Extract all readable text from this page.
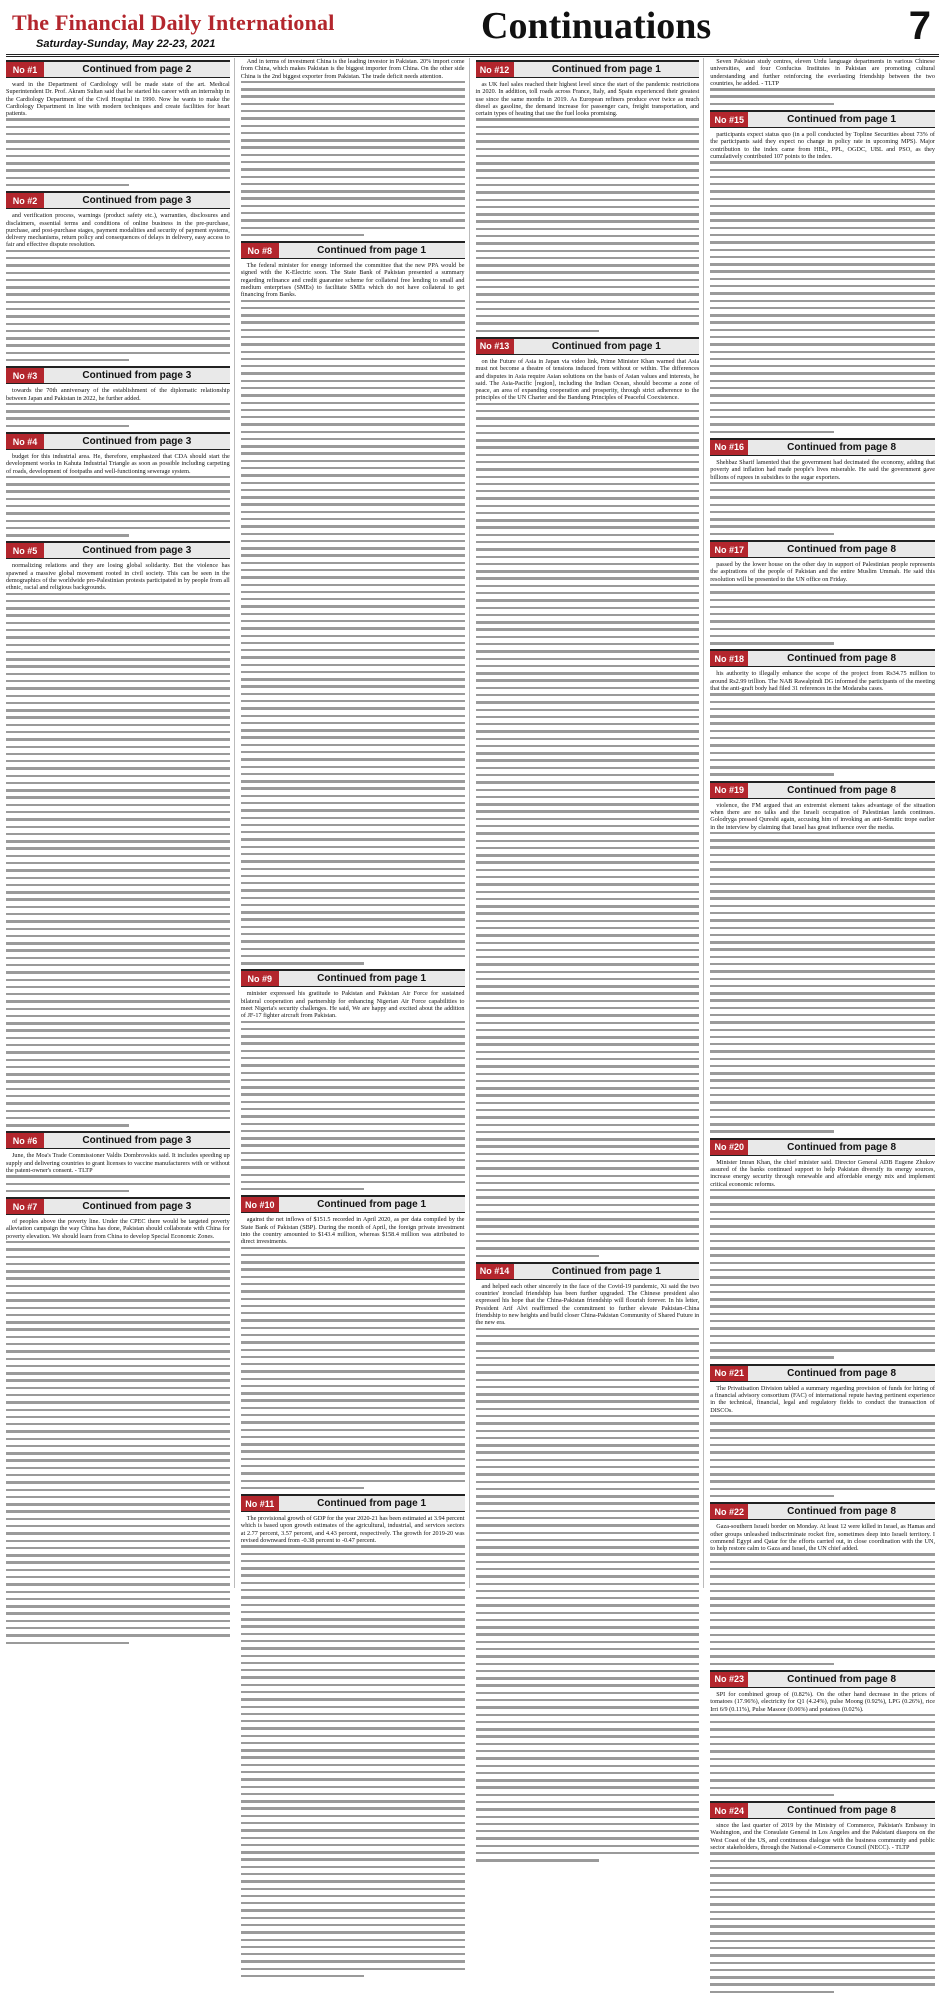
The Financial Daily International
Saturday-Sunday, May 22-23, 2021	Continuations	7
No #1	Continued from page 2

ward in the Department of Cardiology will be made state of the art. Medical Superintendent Dr. Prof. Akram Sultan said that he started his career with an internship in the Cardiology Department of the Civil Hospital in 1990. Now he wants to make the Cardiology Department in line with modern techniques and create facilities for heart patients.

No #2	Continued from page 3

and verification process, warnings (product safety etc.), warranties, disclosures and disclaimers, essential terms and conditions of online business in the pre-purchase, purchase, and post-purchase stages, payment modalities and security of payment systems, delivery mechanisms, return policy and consequences of delays in delivery, easy access to fair and effective dispute resolution.

No #3	Continued from page 3

towards the 70th anniversary of the establishment of the diplomatic relationship between Japan and Pakistan in 2022, he further added.

No #4	Continued from page 3

budget for this industrial area. He, therefore, emphasized that CDA should start the development works in Kahuta Industrial Triangle as soon as possible including carpeting of roads, development of footpaths and well-functioning sewerage system.

No #5	Continued from page 3

normalizing relations and they are losing global solidarity. But the violence has spawned a massive global movement rooted in civil society. This can be seen in the demographics of the worldwide pro-Palestinian protests participated in by people from all ethnic, racial and religious backgrounds.

No #6	Continued from page 3

June, the Moa's Trade Commissioner Valdis Dombrovskis said. It includes speeding up supply and delivering countries to grant licenses to vaccine manufacturers with or without the patent-owner's consent. - TLTP

No #7	Continued from page 3

of peoples above the poverty line. Under the CPEC there would be targeted poverty alleviation campaign the way China has done, Pakistan should collaborate with China for poverty elevation. We should learn from China to develop Special Economic Zones.

And in terms of investment China is the leading investor in Pakistan. 20% import come from China, which makes Pakistan is the biggest importer from China. On the other side China is the 2nd biggest exporter from Pakistan. The trade deficit needs attention.

No #8	Continued from page 1

The federal minister for energy informed the committee that the new PPA would be signed with the K-Electric soon. The State Bank of Pakistan presented a summary regarding refinance and credit guarantee scheme for collateral free lending to small and medium enterprises (SMEs) to facilitate SMEs which do not have collateral to get financing from Banks.

No #9	Continued from page 1

minister expressed his gratitude to Pakistan and Pakistan Air Force for sustained bilateral cooperation and partnership for enhancing Nigerian Air Force capabilities to meet Nigeria's security challenges. He said, We are happy and excited about the addition of JF-17 fighter aircraft from Pakistan.

No #10	Continued from page 1

against the net inflows of $151.5 recorded in April 2020, as per data compiled by the State Bank of Pakistan (SBP). During the month of April, the foreign private investment into the country amounted to $143.4 million, whereas $158.4 million was attributed to direct investments.

No #11	Continued from page 1

The provisional growth of GDP for the year 2020-21 has been estimated at 3.94 percent which is based upon growth estimates of the agricultural, industrial, and services sectors at 2.77 percent, 3.57 percent, and 4.43 percent, respectively. The growth for 2019-20 was revised downward from -0.38 percent to -0.47 percent.

No #12	Continued from page 1

as UK fuel sales reached their highest level since the start of the pandemic restrictions in 2020. In addition, toll roads across France, Italy, and Spain experienced their greatest use since the same months in 2019. As European refiners produce ever twice as much diesel as gasoline, the demand increase for passenger cars, freight transportation, and certain types of heating that use the fuel looks promising.

No #13	Continued from page 1

on the Future of Asia in Japan via video link, Prime Minister Khan warned that Asia must not become a theatre of tensions induced from without or within. The differences and disputes in Asia require Asian solutions on the basis of Asian values and interests, he said. The Asia-Pacific [region], including the Indian Ocean, should become a zone of peace, an area of expanding cooperation and prosperity, through strict adherence to the principles of the UN Charter and the Bandung Principles of Peaceful Coexistence.

No #14	Continued from page 1

and helped each other sincerely in the face of the Covid-19 pandemic, Xi said the two countries' ironclad friendship has been further upgraded. The Chinese president also expressed his hope that the China-Pakistan friendship will flourish forever. In his letter, President Arif Alvi reaffirmed the commitment to further elevate Pakistan-China friendship to new heights and build closer China-Pakistan Community of Shared Future in the new era.

Seven Pakistan study centres, eleven Urdu language departments in various Chinese universities, and four Confucius Institutes in Pakistan are promoting cultural understanding and further reinforcing the everlasting friendship between the two countries, he added. - TLTP

No #15	Continued from page 1

participants expect status quo (in a poll conducted by Topline Securities about 73% of the participants said they expect no change in policy rate in upcoming MPS). Major contribution to the index came from HBL, PPL, OGDC, UBL and PSO, as they cumulatively contributed 107 points to the index.

No #16	Continued from page 8

Shehbaz Sharif lamented that the government had decimated the economy, adding that poverty and inflation had made people's lives miserable. He said the government gave billions of rupees in subsidies to the sugar exporters.

No #17	Continued from page 8

passed by the lower house on the other day in support of Palestinian people represents the aspirations of the people of Pakistan and the entire Muslim Ummah. He said this resolution will be presented to the UN office on Friday.

No #18	Continued from page 8

his authority to illegally enhance the scope of the project from Rs34.75 million to around Rs2.99 trillion. The NAB Rawalpindi DG informed the participants of the meeting that the anti-graft body had filed 31 references in the Modaraba cases.

No #19	Continued from page 8

violence, the FM argued that an extremist element takes advantage of the situation when there are no talks and the Israeli occupation of Palestinian lands continues. Golodryga pressed Qureshi again, accusing him of invoking an anti-Semitic trope earlier in the interview by claiming that Israel has great influence over the media.

No #20	Continued from page 8

Minister Imran Khan, the chief minister said. Director General ADB Eugene Zhukov assured of the banks continued support to help Pakistan diversify its energy sources, increase energy security through renewable and affordable energy mix and implement critical economic reforms.

No #21	Continued from page 8

The Privatisation Division tabled a summary regarding provision of funds for hiring of a financial advisory consortium (FAC) of international repute having pertinent experience in the technical, financial, legal and regulatory fields to conduct the transaction of DISCOs.

No #22	Continued from page 8

Gaza-southern Israeli border on Monday. At least 12 were killed in Israel, as Hamas and other groups unleashed indiscriminate rocket fire, sometimes deep into Israeli territory. I commend Egypt and Qatar for the efforts carried out, in close coordination with the UN, to help restore calm to Gaza and Israel, the UN chief added.

No #23	Continued from page 8

SPI for combined group of (0.82%). On the other hand decrease in the prices of tomatoes (17.96%), electricity for Q1 (4.24%), pulse Moong (0.92%), LPG (0.26%), rice Irri 6/9 (0.11%), Pulse Masoor (0.06%) and potatoes (0.02%).

No #24	Continued from page 8

since the last quarter of 2019 by the Ministry of Commerce, Pakistan's Embassy in Washington, and the Consulate General in Los Angeles and the Pakistani diaspora on the West Coast of the US, and continuous dialogue with the business community and public sector stakeholders, through the National e-Commerce Council (NECC). - TLTP
